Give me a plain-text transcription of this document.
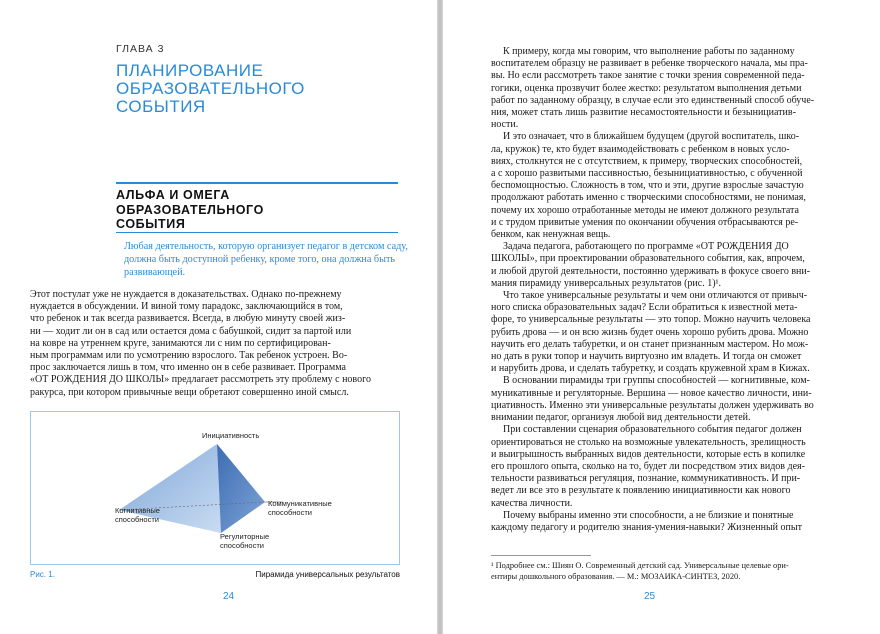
ГЛАВА 3
ПЛАНИРОВАНИЕ
ОБРАЗОВАТЕЛЬНОГО
СОБЫТИЯ
АЛЬФА И ОМЕГА
ОБРАЗОВАТЕЛЬНОГО
СОБЫТИЯ
Любая деятельность, которую организует педагог в детском саду,
должна быть доступной ребенку, кроме того, она должна быть
развивающей.
Этот постулат уже не нуждается в доказательствах. Однако по-прежнему
нуждается в обсуждении. И виной тому парадокс, заключающийся в том,
что ребенок и так всегда развивается. Всегда, в любую минуту своей жиз-
ни — ходит ли он в сад или остается дома с бабушкой, сидит за партой или
на ковре на утреннем круге, занимаются ли с ним по сертифицирован-
ным программам или по усмотрению взрослого. Так ребенок устроен. Во-
прос заключается лишь в том, что именно он в себе развивает. Программа
«ОТ РОЖДЕНИЯ ДО ШКОЛЫ» предлагает рассмотреть эту проблему с нового
ракурса, при котором привычные вещи обретают совершенно иной смысл.
Инициативность
Когнитивные
способности
Коммуникативные
способности
Регулиторные
способности
Рис. 1.	Пирамида универсальных результатов
24
К примеру, когда мы говорим, что выполнение работы по заданному
воспитателем образцу не развивает в ребенке творческого начала, мы пра-
вы. Но если рассмотреть такое занятие с точки зрения современной педа-
гогики, оценка прозвучит более жестко: результатом выполнения детьми
работ по заданному образцу, в случае если это единственный способ обуче-
ния, может стать лишь развитие несамостоятельности и безынициатив-
ности.
И это означает, что в ближайшем будущем (другой воспитатель, шко-
ла, кружок) те, кто будет взаимодействовать с ребенком в новых усло-
виях, столкнутся не с отсутствием, к примеру, творческих способностей,
а с хорошо развитыми пассивностью, безынициативностью, с обученной
беспомощностью. Сложность в том, что и эти, другие взрослые зачастую
продолжают работать именно с творческими способностями, не понимая,
почему их хорошо отработанные методы не имеют должного результата
и с трудом привитые умения по окончании обучения отбрасываются ре-
бенком, как ненужная вещь.
Задача педагога, работающего по программе «ОТ РОЖДЕНИЯ ДО
ШКОЛЫ», при проектировании образовательного события, как, впрочем,
и любой другой деятельности, постоянно удерживать в фокусе своего вни-
мания пирамиду универсальных результатов (рис. 1)¹.
Что такое универсальные результаты и чем они отличаются от привыч-
ного списка образовательных задач? Если обратиться к известной мета-
форе, то универсальные результаты — это топор. Можно научить человека
рубить дрова — и он всю жизнь будет очень хорошо рубить дрова. Можно
научить его делать табуретки, и он станет признанным мастером. Но мож-
но дать в руки топор и научить виртуозно им владеть. И тогда он сможет
и нарубить дрова, и сделать табуретку, и создать кружевной храм в Кижах.
В основании пирамиды три группы способностей — когнитивные, ком-
муникативные и регуляторные. Вершина — новое качество личности, ини-
циативность. Именно эти универсальные результаты должен удерживать во
внимании педагог, организуя любой вид деятельности детей.
При составлении сценария образовательного события педагог должен
ориентироваться не столько на возможные увлекательность, зрелищность
и выигрышность выбранных видов деятельности, которые есть в копилке
его прошлого опыта, сколько на то, будет ли посредством этих видов дея-
тельности развиваться регуляция, познание, коммуникативность. И при-
ведет ли все это в результате к появлению инициативности как нового
качества личности.
Почему выбраны именно эти способности, а не близкие и понятные
каждому педагогу и родителю знания-умения-навыки? Жизненный опыт
¹ Подробнее см.: Шиян О. Современный детский сад. Универсальные целевые ори-
ентиры дошкольного образования. — М.: МОЗАИКА-СИНТЕЗ, 2020.
25
